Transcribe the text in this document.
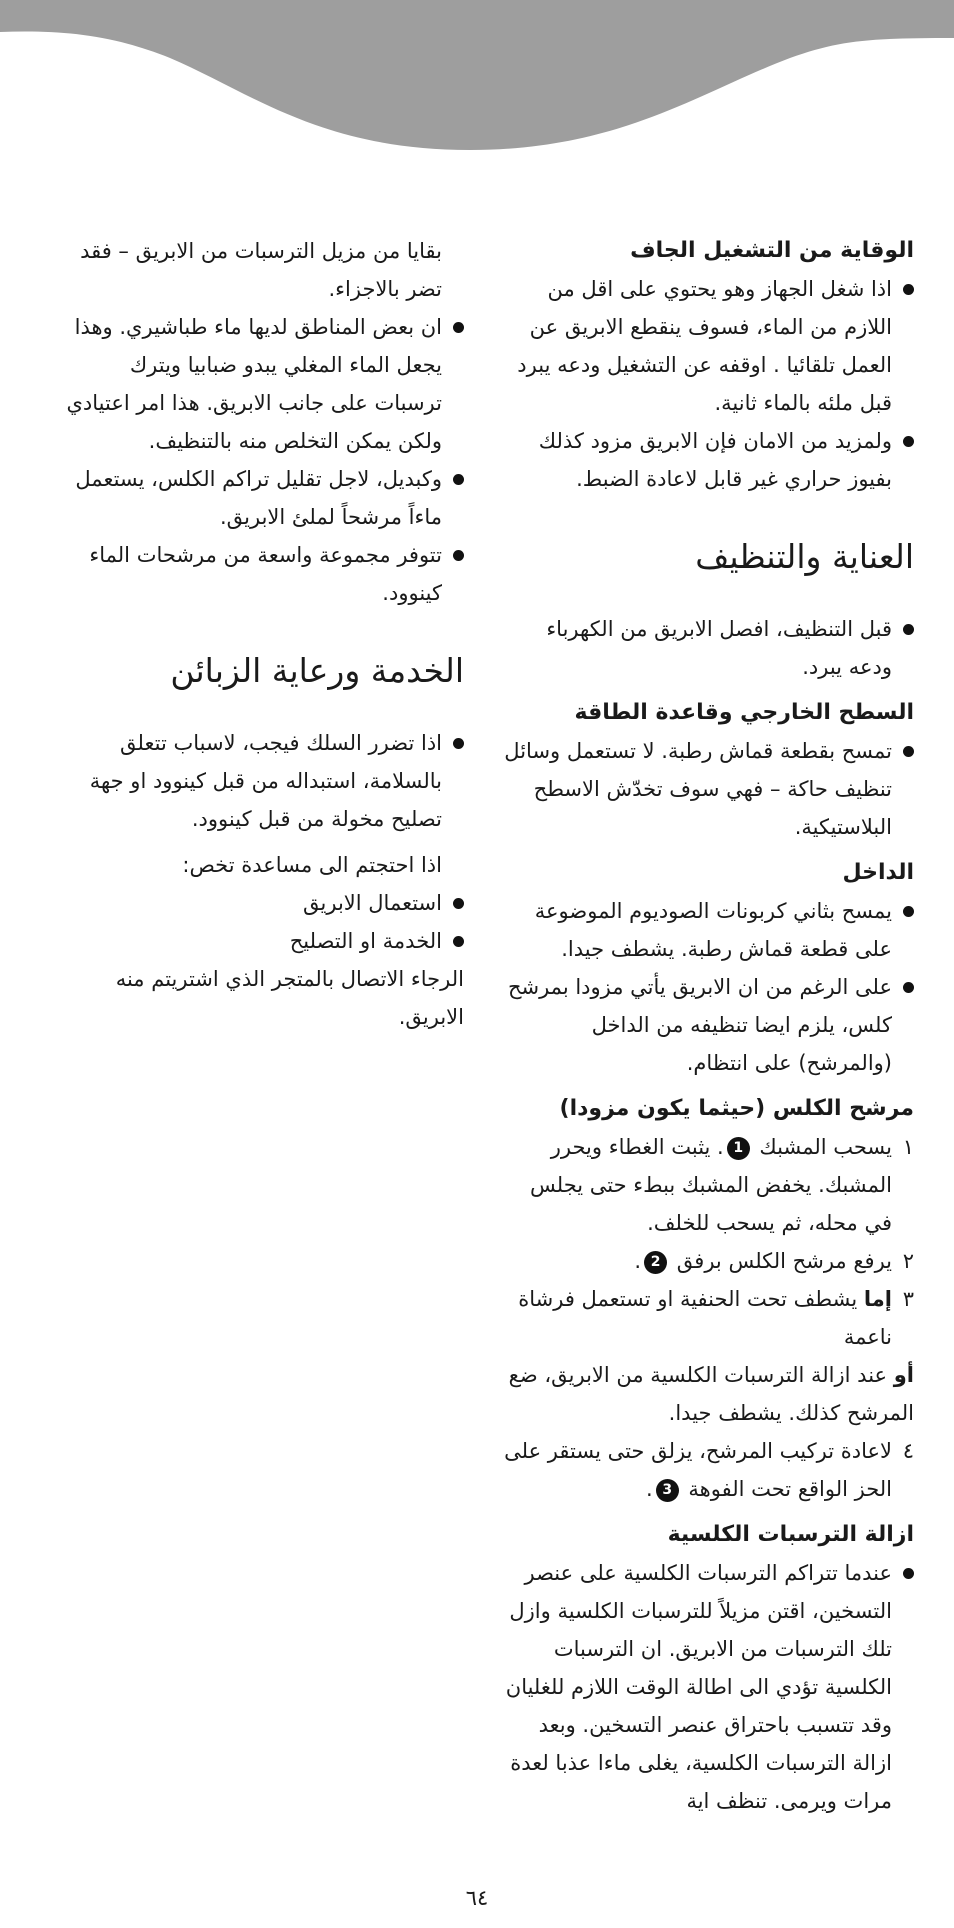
الوقاية من التشغيل الجاف

اذا شغل الجهاز وهو يحتوي على اقل من اللازم من الماء، فسوف ينقطع الابريق عن العمل تلقائيا . اوقفه عن التشغيل ودعه يبرد قبل ملئه بالماء ثانية.
ولمزيد من الامان فإن الابريق مزود كذلك بفيوز حراري غير قابل لاعادة الضبط.

العناية والتنظيف

قبل التنظيف، افصل الابريق من الكهرباء ودعه يبرد.

السطح الخارجي وقاعدة الطاقة

تمسح بقطعة قماش رطبة. لا تستعمل وسائل تنظيف حاكة – فهي سوف تخدّش الاسطح البلاستيكية.

الداخل

يمسح بثاني كربونات الصوديوم الموضوعة على قطعة قماش رطبة. يشطف جيدا.
على الرغم من ان الابريق يأتي مزودا بمرشح كلس، يلزم ايضا تنظيفه من الداخل (والمرشح) على انتظام.

مرشح الكلس (حيثما يكون مزودا)

١
يسحب المشبك 1. يثبت الغطاء ويحرر المشبك. يخفض المشبك ببطء حتى يجلس في محله، ثم يسحب للخلف.
٢
يرفع مرشح الكلس برفق 2.
٣
إما يشطف تحت الحنفية او تستعمل فرشاة ناعمة

أو عند ازالة الترسبات الكلسية من الابريق، ضع المرشح كذلك. يشطف جيدا.

٤
لاعادة تركيب المرشح، يزلق حتى يستقر على الحز الواقع تحت الفوهة 3.

ازالة الترسبات الكلسية

عندما تتراكم الترسبات الكلسية على عنصر التسخين، اقتن مزيلاً للترسبات الكلسية وازل تلك الترسبات من الابريق. ان الترسبات الكلسية تؤدي الى اطالة الوقت اللازم للغليان وقد تتسبب باحتراق عنصر التسخين. وبعد ازالة الترسبات الكلسية، يغلى ماءا عذبا لعدة مرات ويرمى. تنظف اية

بقايا من مزيل الترسبات من الابريق – فقد تضر بالاجزاء.

ان بعض المناطق لديها ماء طباشيري. وهذا يجعل الماء المغلي يبدو ضبابيا ويترك ترسبات على جانب الابريق. هذا امر اعتيادي ولكن يمكن التخلص منه بالتنظيف.
وكبديل، لاجل تقليل تراكم الكلس، يستعمل ماءاً مرشحاً لملئ الابريق.
تتوفر مجموعة واسعة من مرشحات الماء كينوود.

الخدمة ورعاية الزبائن

اذا تضرر السلك فيجب، لاسباب تتعلق بالسلامة، استبداله من قبل كينوود او جهة تصليح مخولة من قبل كينوود.

اذا احتجتم الى مساعدة تخص:

استعمال الابريق
الخدمة او التصليح

الرجاء الاتصال بالمتجر الذي اشتريتم منه الابريق.

٦٤
